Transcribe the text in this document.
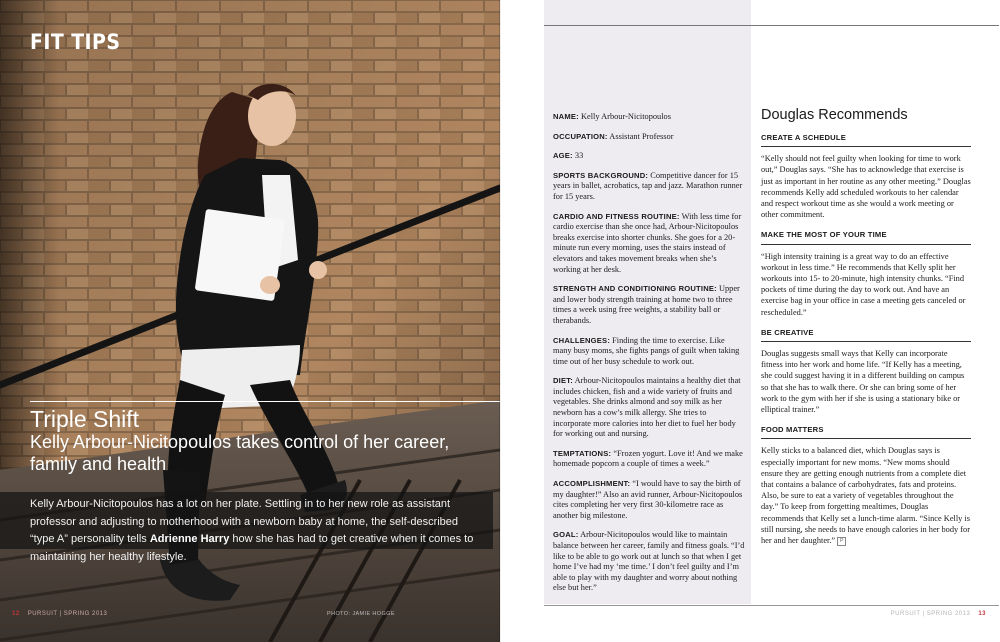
FIT TIPS
Triple Shift
Kelly Arbour-Nicitopoulos takes control of her career, family and health
Kelly Arbour-Nicitopoulos has a lot on her plate. Settling in to her new role as assistant professor and adjusting to motherhood with a newborn baby at home, the self-described “type A” personality tells Adrienne Harry how she has had to get creative when it comes to maintaining her healthy lifestyle.
12 PURSUIT | SPRING 2013	PHOTO: JAMIE HOGGE

NAME: Kelly Arbour-Nicitopoulos

OCCUPATION: Assistant Professor

AGE: 33

SPORTS BACKGROUND: Competitive dancer for 15 years in ballet, acrobatics, tap and jazz. Marathon runner for 15 years.

CARDIO AND FITNESS ROUTINE: With less time for cardio exercise than she once had, Arbour-Nicitopoulos breaks exercise into shorter chunks. She goes for a 20-minute run every morning, uses the stairs instead of elevators and takes movement breaks when she’s working at her desk.

STRENGTH AND CONDITIONING ROUTINE: Upper and lower body strength training at home two to three times a week using free weights, a stability ball or therabands.

CHALLENGES: Finding the time to exercise. Like many busy moms, she fights pangs of guilt when taking time out of her busy schedule to work out.

DIET: Arbour-Nicitopoulos maintains a healthy diet that includes chicken, fish and a wide variety of fruits and vegetables. She drinks almond and soy milk as her newborn has a cow’s milk allergy. She tries to incorporate more calories into her diet to fuel her body for working out and nursing.

TEMPTATIONS: “Frozen yogurt. Love it! And we make homemade popcorn a couple of times a week.”

ACCOMPLISHMENT: “I would have to say the birth of my daughter!” Also an avid runner, Arbour-Nicitopoulos cites completing her very first 30-kilometre race as another big milestone.

GOAL: Arbour-Nicitopoulos would like to maintain balance between her career, family and fitness goals. “I’d like to be able to go work out at lunch so that when I get home I’ve had my ‘me time.’ I don’t feel guilty and I’m able to play with my daughter and worry about nothing else but her.”

Douglas Recommends
CREATE A SCHEDULE

“Kelly should not feel guilty when looking for time to work out,” Douglas says. “She has to acknowledge that exercise is just as important in her routine as any other meeting.” Douglas recommends Kelly add scheduled workouts to her calendar and respect workout time as she would a work meeting or other commitment.

MAKE THE MOST OF YOUR TIME

“High intensity training is a great way to do an effective workout in less time.” He recommends that Kelly split her workouts into 15- to 20-minute, high intensity chunks. “Find pockets of time during the day to work out. And have an exercise bag in your office in case a meeting gets canceled or rescheduled.”

BE CREATIVE

Douglas suggests small ways that Kelly can incorporate fitness into her work and home life. “If Kelly has a meeting, she could suggest having it in a different building on campus so that she has to walk there. Or she can bring some of her work to the gym with her if she is using a stationary bike or elliptical trainer.”

FOOD MATTERS

Kelly sticks to a balanced diet, which Douglas says is especially important for new moms. “New moms should ensure they are getting enough nutrients from a complete diet that contains a balance of carbohydrates, fats and proteins. Also, be sure to eat a variety of vegetables throughout the day.” To keep from forgetting mealtimes, Douglas recommends that Kelly set a lunch-time alarm. “Since Kelly is still nursing, she needs to have enough calories in her body for her and her daughter.” P

PURSUIT | SPRING 2013 13
